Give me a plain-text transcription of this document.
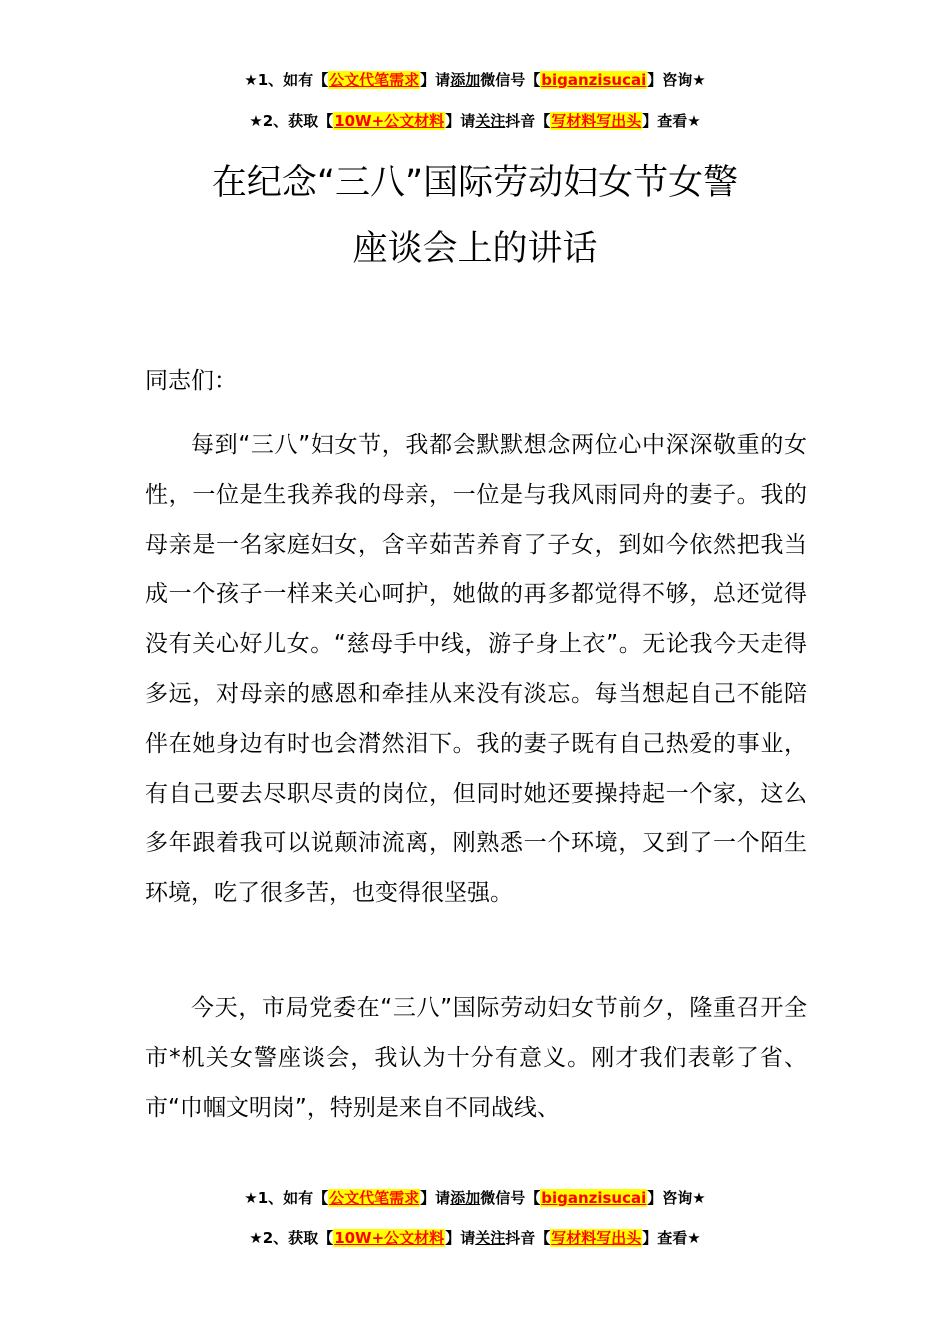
★1、如有【公文代笔需求】请添加微信号【biganzisucai】咨询★
★2、获取【10W+公文材料】请关注抖音【写材料写出头】查看★
在纪念“三八”国际劳动妇女节女警
座谈会上的讲话
同志们：
每到“三八”妇女节，我都会默默想念两位心中深深敬重的女性，一位是生我养我的母亲，一位是与我风雨同舟的妻子。我的母亲是一名家庭妇女，含辛茹苦养育了子女，到如今依然把我当成一个孩子一样来关心呵护，她做的再多都觉得不够，总还觉得没有关心好儿女。“慈母手中线，游子身上衣”。无论我今天走得多远，对母亲的感恩和牵挂从来没有淡忘。每当想起自己不能陪伴在她身边有时也会潸然泪下。我的妻子既有自己热爱的事业，有自己要去尽职尽责的岗位，但同时她还要操持起一个家，这么多年跟着我可以说颠沛流离，刚熟悉一个环境，又到了一个陌生环境，吃了很多苦，也变得很坚强。
今天，市局党委在“三八”国际劳动妇女节前夕，隆重召开全市*机关女警座谈会，我认为十分有意义。刚才我们表彰了省、市“巾帼文明岗”，特别是来自不同战线、
★1、如有【公文代笔需求】请添加微信号【biganzisucai】咨询★
★2、获取【10W+公文材料】请关注抖音【写材料写出头】查看★
